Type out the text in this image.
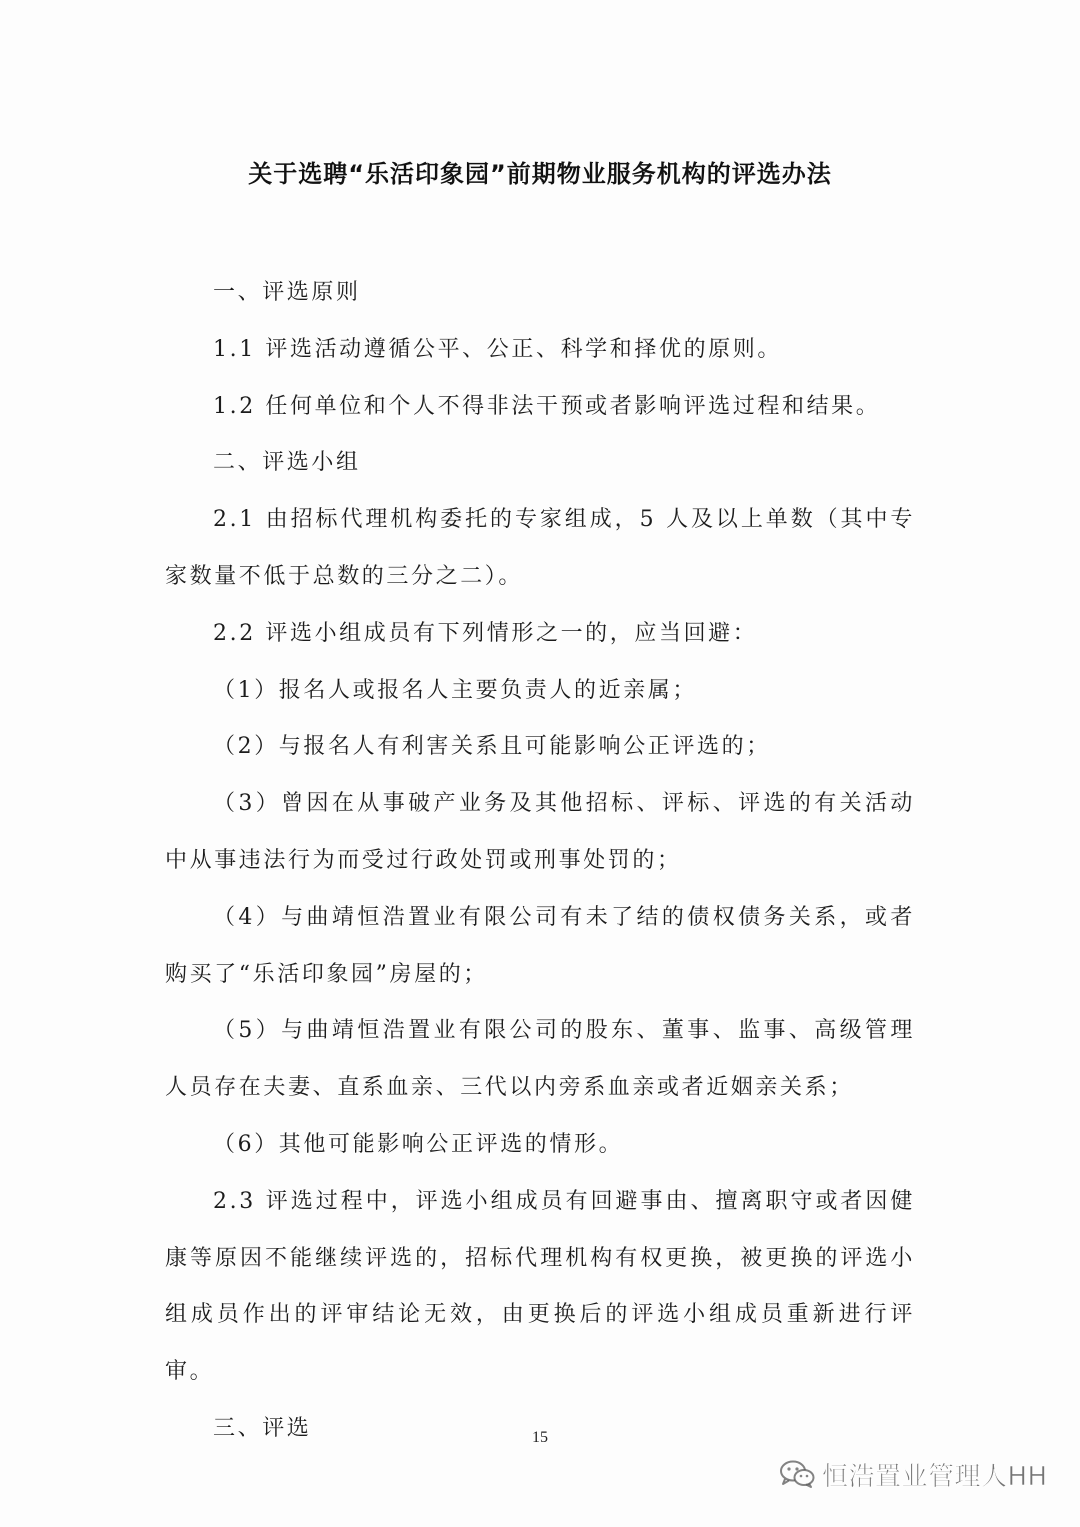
关于选聘“乐活印象园”前期物业服务机构的评选办法

一、评选原则

1.1 评选活动遵循公平、公正、科学和择优的原则。

1.2 任何单位和个人不得非法干预或者影响评选过程和结果。

二、评选小组

2.1 由招标代理机构委托的专家组成，5 人及以上单数（其中专家数量不低于总数的三分之二）。

2.2 评选小组成员有下列情形之一的，应当回避：

（1）报名人或报名人主要负责人的近亲属；

（2）与报名人有利害关系且可能影响公正评选的；

（3）曾因在从事破产业务及其他招标、评标、评选的有关活动中从事违法行为而受过行政处罚或刑事处罚的；

（4）与曲靖恒浩置业有限公司有未了结的债权债务关系，或者购买了“乐活印象园”房屋的；

（5）与曲靖恒浩置业有限公司的股东、董事、监事、高级管理人员存在夫妻、直系血亲、三代以内旁系血亲或者近姻亲关系；

（6）其他可能影响公正评选的情形。

2.3 评选过程中，评选小组成员有回避事由、擅离职守或者因健康等原因不能继续评选的，招标代理机构有权更换，被更换的评选小组成员作出的评审结论无效，由更换后的评选小组成员重新进行评审。

三、评选	15
恒浩置业管理人HH
